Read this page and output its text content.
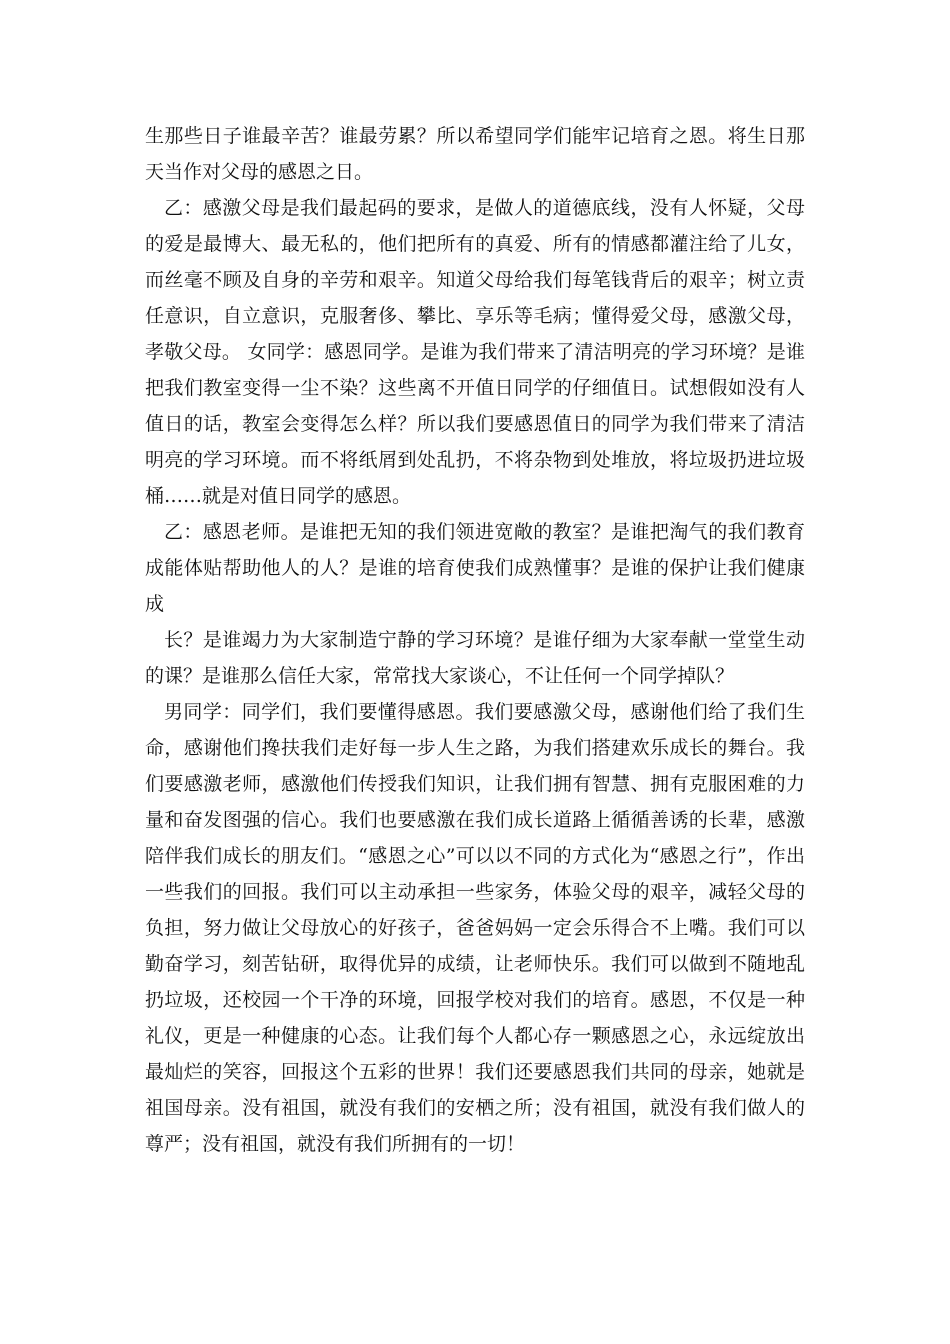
生那些日子谁最辛苦？谁最劳累？所以希望同学们能牢记培育之恩。将生日那天当作对父母的感恩之日。

乙：感激父母是我们最起码的要求，是做人的道德底线，没有人怀疑，父母的爱是最博大、最无私的，他们把所有的真爱、所有的情感都灌注给了儿女，而丝毫不顾及自身的辛劳和艰辛。知道父母给我们每笔钱背后的艰辛；树立责任意识，自立意识，克服奢侈、攀比、享乐等毛病；懂得爱父母，感激父母，孝敬父母。 女同学：感恩同学。是谁为我们带来了清洁明亮的学习环境？是谁把我们教室变得一尘不染？这些离不开值日同学的仔细值日。试想假如没有人值日的话，教室会变得怎么样？所以我们要感恩值日的同学为我们带来了清洁明亮的学习环境。而不将纸屑到处乱扔，不将杂物到处堆放，将垃圾扔进垃圾桶……就是对值日同学的感恩。

乙：感恩老师。是谁把无知的我们领进宽敞的教室？是谁把淘气的我们教育成能体贴帮助他人的人？是谁的培育使我们成熟懂事？是谁的保护让我们健康成

长？是谁竭力为大家制造宁静的学习环境？是谁仔细为大家奉献一堂堂生动的课？是谁那么信任大家，常常找大家谈心，不让任何一个同学掉队？

男同学：同学们，我们要懂得感恩。我们要感激父母，感谢他们给了我们生命，感谢他们搀扶我们走好每一步人生之路，为我们搭建欢乐成长的舞台。我们要感激老师，感激他们传授我们知识，让我们拥有智慧、拥有克服困难的力量和奋发图强的信心。我们也要感激在我们成长道路上循循善诱的长辈，感激陪伴我们成长的朋友们。“感恩之心”可以以不同的方式化为“感恩之行”，作出一些我们的回报。我们可以主动承担一些家务，体验父母的艰辛，减轻父母的负担，努力做让父母放心的好孩子，爸爸妈妈一定会乐得合不上嘴。我们可以勤奋学习，刻苦钻研，取得优异的成绩，让老师快乐。我们可以做到不随地乱扔垃圾，还校园一个干净的环境，回报学校对我们的培育。感恩，不仅是一种礼仪，更是一种健康的心态。让我们每个人都心存一颗感恩之心，永远绽放出最灿烂的笑容，回报这个五彩的世界！我们还要感恩我们共同的母亲，她就是祖国母亲。没有祖国，就没有我们的安栖之所；没有祖国，就没有我们做人的尊严；没有祖国，就没有我们所拥有的一切！
